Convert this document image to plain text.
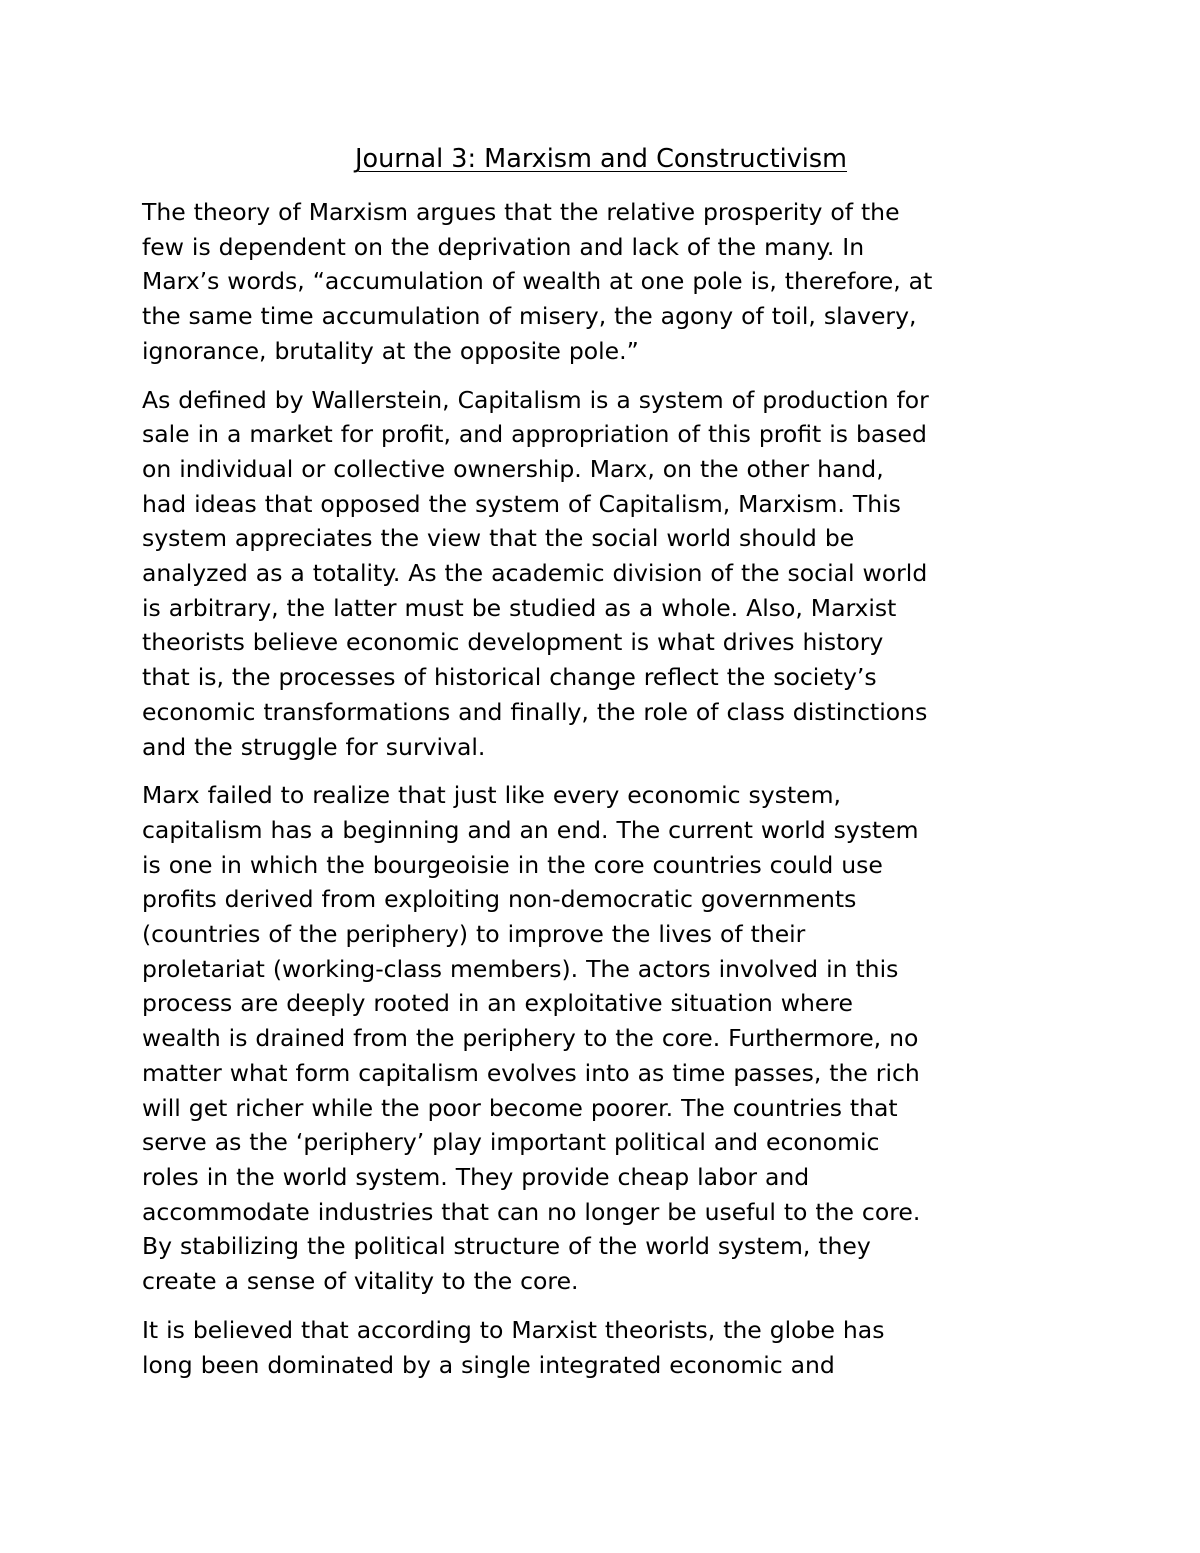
Journal 3: Marxism and Constructivism

The theory of Marxism argues that the relative prosperity of the
few is dependent on the deprivation and lack of the many. In
Marx’s words, “accumulation of wealth at one pole is, therefore, at
the same time accumulation of misery, the agony of toil, slavery,
ignorance, brutality at the opposite pole.”

As defined by Wallerstein, Capitalism is a system of production for
sale in a market for profit, and appropriation of this profit is based
on individual or collective ownership. Marx, on the other hand,
had ideas that opposed the system of Capitalism, Marxism. This
system appreciates the view that the social world should be
analyzed as a totality. As the academic division of the social world
is arbitrary, the latter must be studied as a whole. Also, Marxist
theorists believe economic development is what drives history
that is, the processes of historical change reflect the society’s
economic transformations and finally, the role of class distinctions
and the struggle for survival.

Marx failed to realize that just like every economic system,
capitalism has a beginning and an end. The current world system
is one in which the bourgeoisie in the core countries could use
profits derived from exploiting non-democratic governments
(countries of the periphery) to improve the lives of their
proletariat (working-class members). The actors involved in this
process are deeply rooted in an exploitative situation where
wealth is drained from the periphery to the core. Furthermore, no
matter what form capitalism evolves into as time passes, the rich
will get richer while the poor become poorer. The countries that
serve as the ‘periphery’ play important political and economic
roles in the world system. They provide cheap labor and
accommodate industries that can no longer be useful to the core.
By stabilizing the political structure of the world system, they
create a sense of vitality to the core.

It is believed that according to Marxist theorists, the globe has
long been dominated by a single integrated economic and
